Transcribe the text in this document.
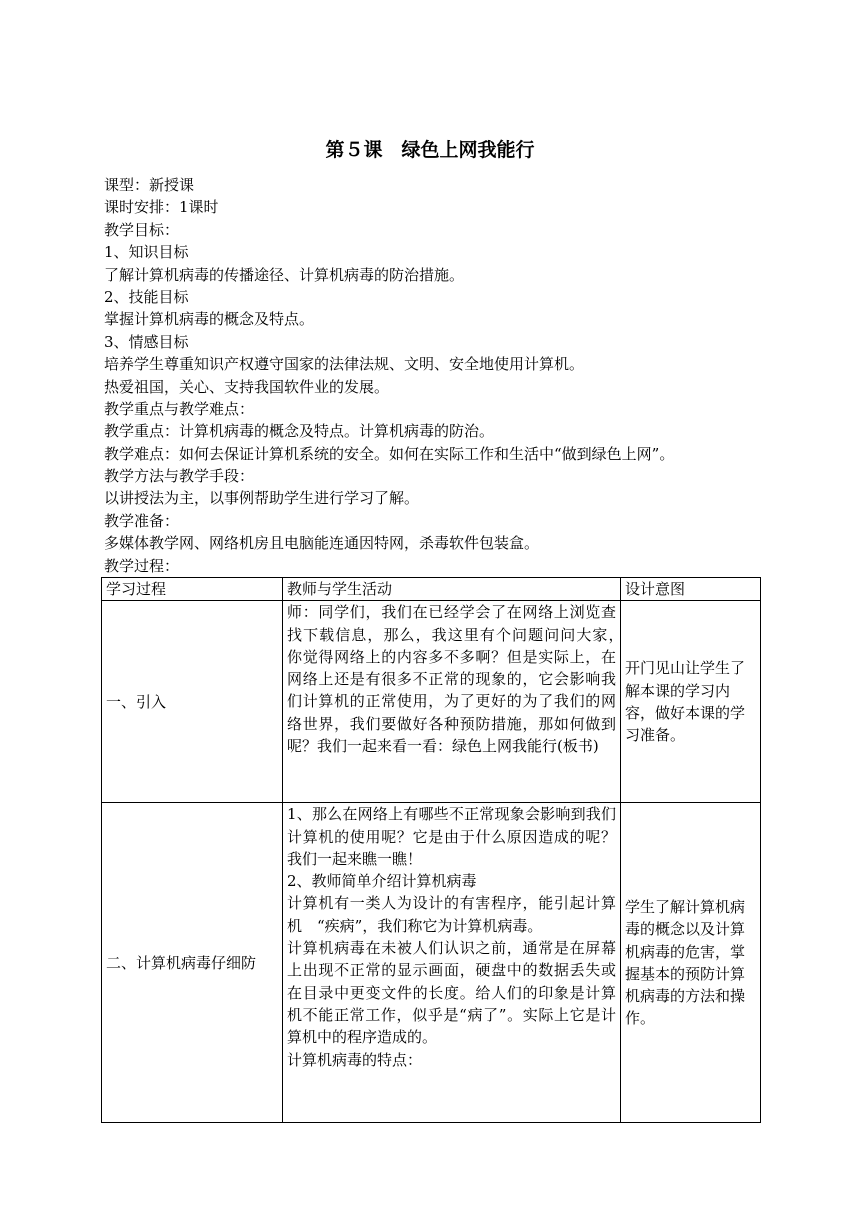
第５课　绿色上网我能行
课型：新授课
课时安排：1课时
教学目标：
1、知识目标
了解计算机病毒的传播途径、计算机病毒的防治措施。
2、技能目标
掌握计算机病毒的概念及特点。
3、情感目标
培养学生尊重知识产权遵守国家的法律法规、文明、安全地使用计算机。
热爱祖国，关心、支持我国软件业的发展。
教学重点与教学难点：
教学重点：计算机病毒的概念及特点。计算机病毒的防治。
教学难点：如何去保证计算机系统的安全。如何在实际工作和生活中“做到绿色上网”。
教学方法与教学手段：
以讲授法为主，以事例帮助学生进行学习了解。
教学准备：
多媒体教学网、网络机房且电脑能连通因特网，杀毒软件包装盒。
教学过程：
学习过程	教师与学生活动	设计意图
一、引入	师：同学们，我们在已经学会了在网络上浏览查找下载信息，那么，我这里有个问题问问大家，　你觉得网络上的内容多不多啊？但是实际上，在网络上还是有很多不正常的现象的，它会影响我们计算机的正常使用，为了更好的为了我们的网络世界，我们要做好各种预防措施，那如何做到呢？我们一起来看一看：绿色上网我能行(板书)	开门见山让学生了解本课的学习内容，做好本课的学习准备。
二、计算机病毒仔细防	1、那么在网络上有哪些不正常现象会影响到我们计算机的使用呢？它是由于什么原因造成的呢？我们一起来瞧一瞧！
2、教师简单介绍计算机病毒
计算机有一类人为设计的有害程序，能引起计算机　“疾病”，我们称它为计算机病毒。
计算机病毒在未被人们认识之前，通常是在屏幕上出现不正常的显示画面，硬盘中的数据丢失或在目录中更变文件的长度。给人们的印象是计算机不能正常工作，似乎是“病了”。实际上它是计算机中的程序造成的。
计算机病毒的特点：	学生了解计算机病毒的概念以及计算机病毒的危害，掌握基本的预防计算机病毒的方法和操作。
